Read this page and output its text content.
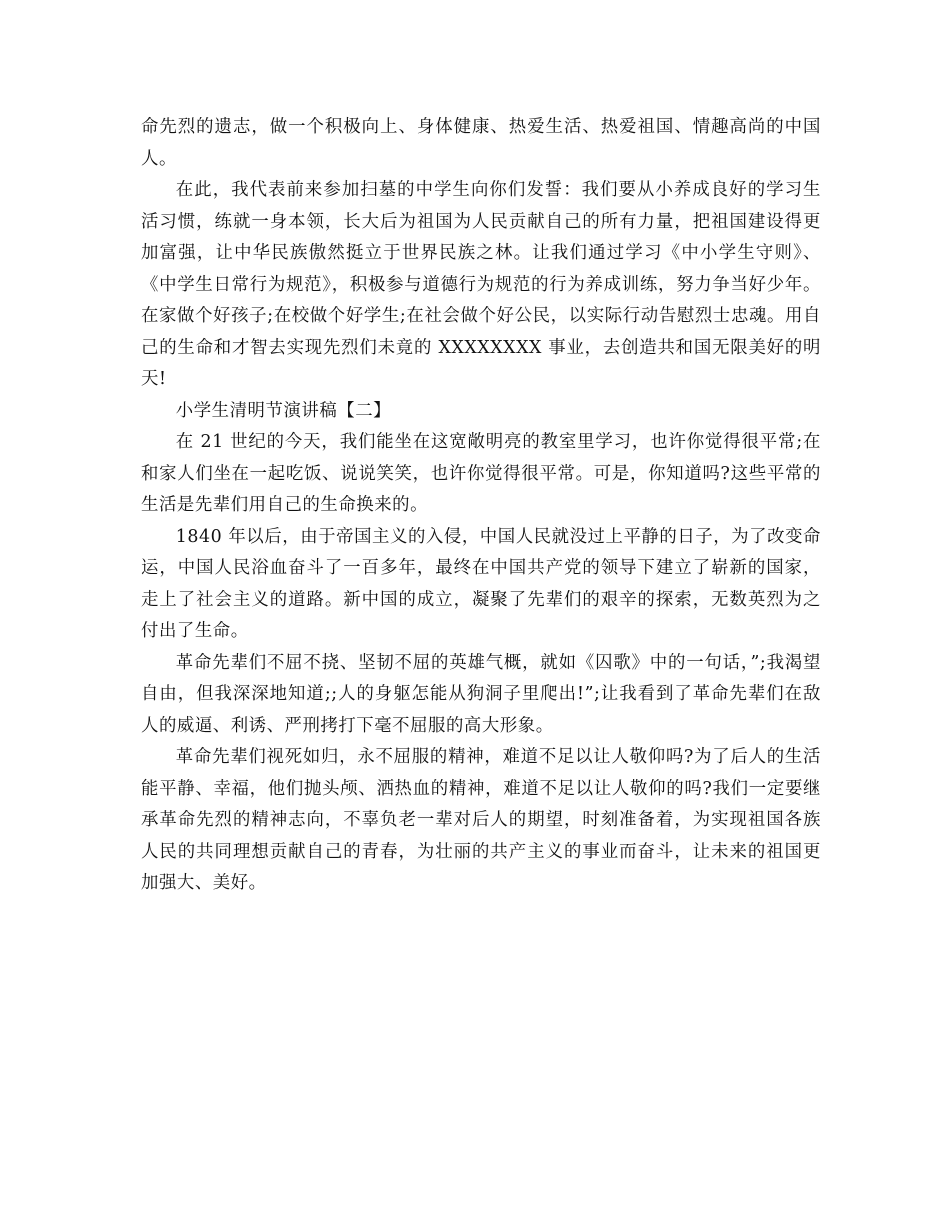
命先烈的遗志，做一个积极向上、身体健康、热爱生活、热爱祖国、情趣高尚的中国人。

在此，我代表前来参加扫墓的中学生向你们发誓：我们要从小养成良好的学习生活习惯，练就一身本领，长大后为祖国为人民贡献自己的所有力量，把祖国建设得更加富强，让中华民族傲然挺立于世界民族之林。让我们通过学习《中小学生守则》、《中学生日常行为规范》，积极参与道德行为规范的行为养成训练，努力争当好少年。在家做个好孩子;在校做个好学生;在社会做个好公民，以实际行动告慰烈士忠魂。用自己的生命和才智去实现先烈们未竟的 XXXXXXXX 事业，去创造共和国无限美好的明天!

小学生清明节演讲稿【二】

在 21 世纪的今天，我们能坐在这宽敞明亮的教室里学习，也许你觉得很平常;在和家人们坐在一起吃饭、说说笑笑，也许你觉得很平常。可是，你知道吗?这些平常的生活是先辈们用自己的生命换来的。

1840 年以后，由于帝国主义的入侵，中国人民就没过上平静的日子，为了改变命运，中国人民浴血奋斗了一百多年，最终在中国共产党的领导下建立了崭新的国家，走上了社会主义的道路。新中国的成立，凝聚了先辈们的艰辛的探索，无数英烈为之付出了生命。

革命先辈们不屈不挠、坚韧不屈的英雄气概，就如《囚歌》中的一句话，”;我渴望自由，但我深深地知道;;人的身躯怎能从狗洞子里爬出!”;让我看到了革命先辈们在敌人的威逼、利诱、严刑拷打下毫不屈服的高大形象。

革命先辈们视死如归，永不屈服的精神，难道不足以让人敬仰吗?为了后人的生活能平静、幸福，他们抛头颅、洒热血的精神，难道不足以让人敬仰的吗?我们一定要继承革命先烈的精神志向，不辜负老一辈对后人的期望，时刻准备着，为实现祖国各族人民的共同理想贡献自己的青春，为壮丽的共产主义的事业而奋斗，让未来的祖国更加强大、美好。
